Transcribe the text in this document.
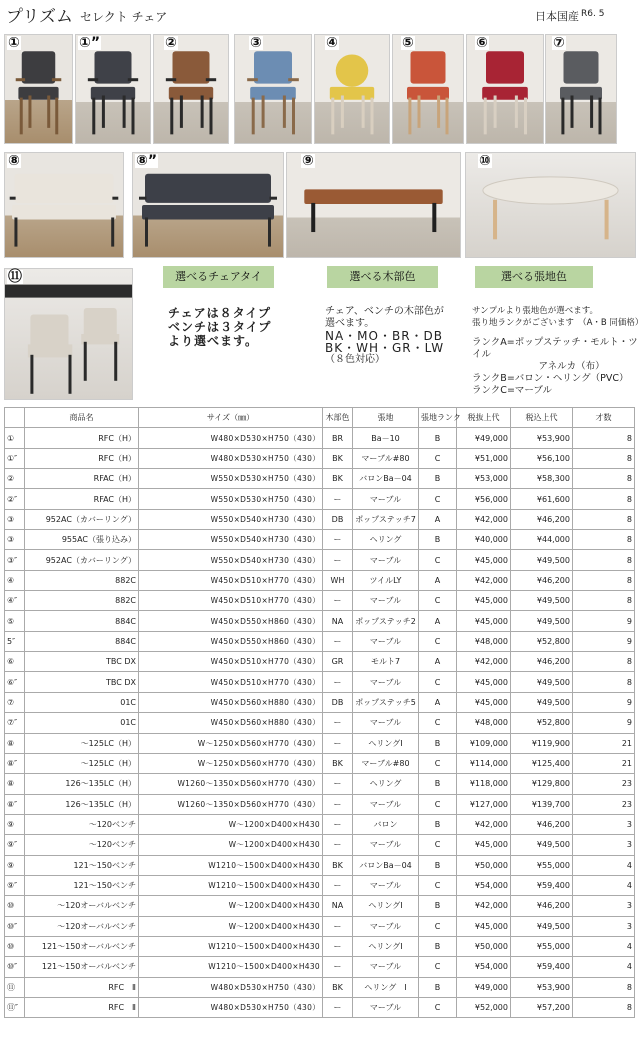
プリズム セレクト チェア	日本国産 R6. 5
①	①”	②	③	④	⑤	⑥	⑦
⑧	⑧”	⑨	⑩
⑪	選べるチェアタイ	選べる木部色	選べる張地色
チェアは８タイプ
ベンチは３タイプ
より選べます。
チェア、ベンチの木部色が
選べます。
NA・MO・BR・DB
BK・WH・GR・LW
（８色対応）
サンプルより張地色が選べます。
張り地ランクがございます　（A・B 同価格）
ランクA=ポップステッチ・モルト・ツイル
　　　　　　　アネルカ（布）
ランクB=バロン・ヘリング（PVC）
ランクC=マーブル
	商品名	サイズ（㎜）	木部色	張地	張地ランク	税抜上代	税込上代	才数
①	RFC（H）	W480×D530×H750（430）	BR	Ba－10	B	¥49,000	¥53,900	8
①″	RFC（H）	W480×D530×H750（430）	BK	マーブル#80	C	¥51,000	¥56,100	8
②	RFAC（H）	W550×D530×H750（430）	BK	バロンBa－04	B	¥53,000	¥58,300	8
②″	RFAC（H）	W550×D530×H750（430）	ー	マーブル	C	¥56,000	¥61,600	8
③	952AC（カバーリング）	W550×D540×H730（430）	DB	ポップステッチ7	A	¥42,000	¥46,200	8
③	955AC（張り込み）	W550×D540×H730（430）	ー	ヘリング	B	¥40,000	¥44,000	8
③″	952AC（カバーリング）	W550×D540×H730（430）	ー	マーブル	C	¥45,000	¥49,500	8
④	882C	W450×D510×H770（430）	WH	ツイルLY	A	¥42,000	¥46,200	8
④″	882C	W450×D510×H770（430）	ー	マーブル	C	¥45,000	¥49,500	8
⑤	884C	W450×D550×H860（430）	NA	ポップステッチ2	A	¥45,000	¥49,500	9
5″	884C	W450×D550×H860（430）	ー	マーブル	C	¥48,000	¥52,800	9
⑥	TBC DX	W450×D510×H770（430）	GR	モルト7	A	¥42,000	¥46,200	8
⑥″	TBC DX	W450×D510×H770（430）	ー	マーブル	C	¥45,000	¥49,500	8
⑦	01C	W450×D560×H880（430）	DB	ポップステッチ5	A	¥45,000	¥49,500	9
⑦″	01C	W450×D560×H880（430）	ー	マーブル	C	¥48,000	¥52,800	9
⑧	～125LC（H）	W～1250×D560×H770（430）	ー	ヘリングⅠ	B	¥109,000	¥119,900	21
⑧″	～125LC（H）	W～1250×D560×H770（430）	BK	マーブル#80	C	¥114,000	¥125,400	21
⑧	126～135LC（H）	W1260～1350×D560×H770（430）	ー	ヘリング	B	¥118,000	¥129,800	23
⑧″	126～135LC（H）	W1260～1350×D560×H770（430）	ー	マーブル	C	¥127,000	¥139,700	23
⑨	～120ベンチ	W～1200×D400×H430	ー	バロン	B	¥42,000	¥46,200	3
⑨″	～120ベンチ	W～1200×D400×H430	ー	マーブル	C	¥45,000	¥49,500	3
⑨	121～150ベンチ	W1210～1500×D400×H430	BK	バロンBa－04	B	¥50,000	¥55,000	4
⑨″	121～150ベンチ	W1210～1500×D400×H430	ー	マーブル	C	¥54,000	¥59,400	4
⑩	～120オーバルベンチ	W～1200×D400×H430	NA	ヘリングⅠ	B	¥42,000	¥46,200	3
⑩″	～120オーバルベンチ	W～1200×D400×H430	ー	マーブル	C	¥45,000	¥49,500	3
⑩	121～150オーバルベンチ	W1210～1500×D400×H430	ー	ヘリングⅠ	B	¥50,000	¥55,000	4
⑩″	121～150オーバルベンチ	W1210～1500×D400×H430	ー	マーブル	C	¥54,000	¥59,400	4
⑪	RFC　Ⅱ	W480×D530×H750（430）	BK	ヘリング　Ⅰ	B	¥49,000	¥53,900	8
⑪″	RFC　Ⅱ	W480×D530×H750（430）	ー	マーブル	C	¥52,000	¥57,200	8
